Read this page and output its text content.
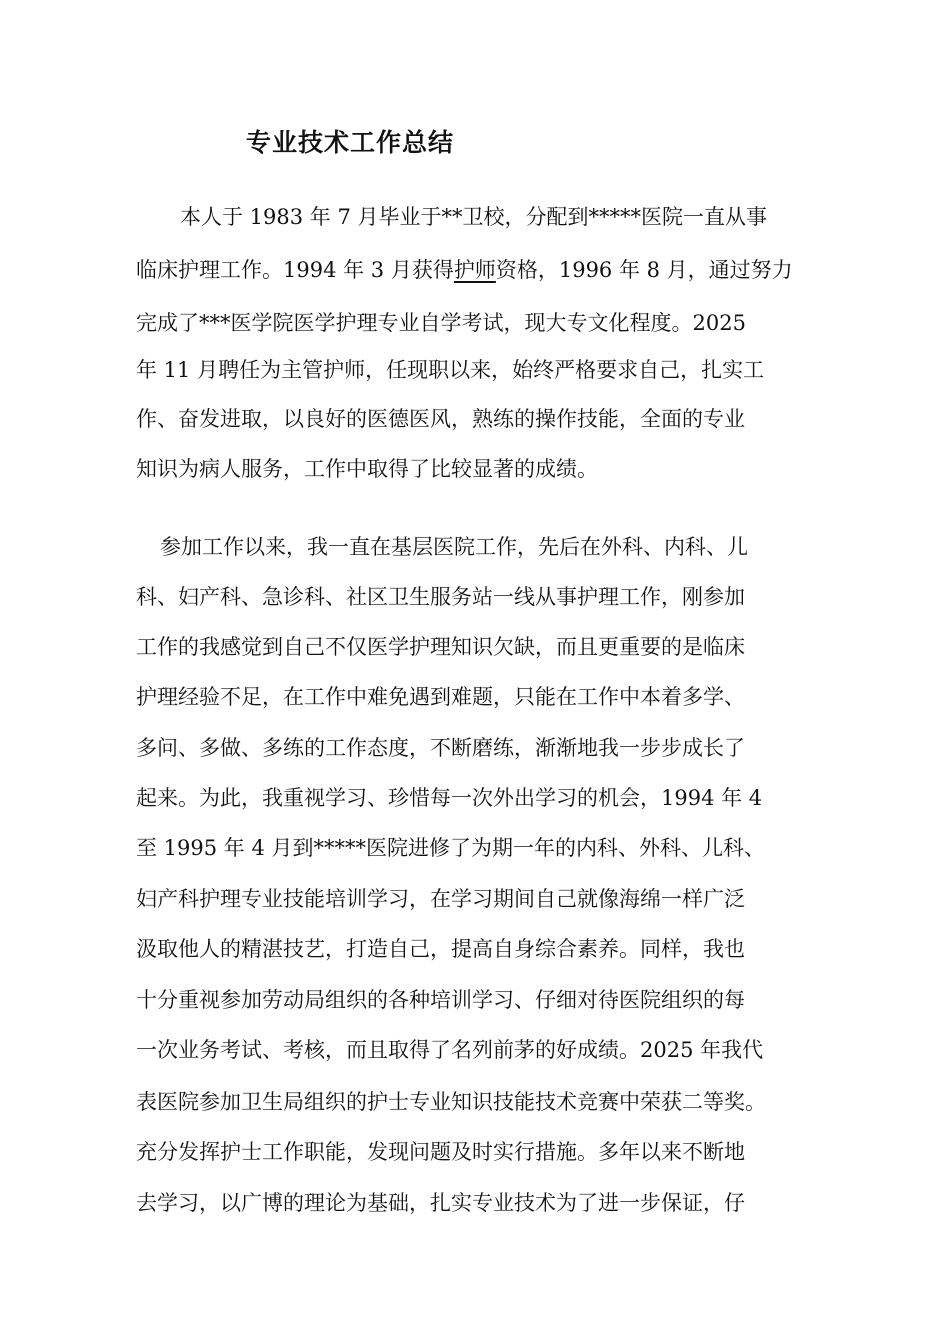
专业技术工作总结
本人于 1983 年 7 月毕业于**卫校，分配到*****医院一直从事
临床护理工作。1994 年 3 月获得护师资格，1996 年 8 月，通过努力
完成了***医学院医学护理专业自学考试，现大专文化程度。2025
年 11 月聘任为主管护师，任现职以来，始终严格要求自己，扎实工
作、奋发进取，以良好的医德医风，熟练的操作技能，全面的专业
知识为病人服务，工作中取得了比较显著的成绩。
参加工作以来，我一直在基层医院工作，先后在外科、内科、儿
科、妇产科、急诊科、社区卫生服务站一线从事护理工作，刚参加
工作的我感觉到自己不仅医学护理知识欠缺，而且更重要的是临床
护理经验不足，在工作中难免遇到难题，只能在工作中本着多学、
多问、多做、多练的工作态度，不断磨练，渐渐地我一步步成长了
起来。为此，我重视学习、珍惜每一次外出学习的机会，1994 年 4
至 1995 年 4 月到*****医院进修了为期一年的内科、外科、儿科、
妇产科护理专业技能培训学习，在学习期间自己就像海绵一样广泛
汲取他人的精湛技艺，打造自己，提高自身综合素养。同样，我也
十分重视参加劳动局组织的各种培训学习、仔细对待医院组织的每
一次业务考试、考核，而且取得了名列前茅的好成绩。2025 年我代
表医院参加卫生局组织的护士专业知识技能技术竞赛中荣获二等奖。
充分发挥护士工作职能，发现问题及时实行措施。多年以来不断地
去学习，以广博的理论为基础，扎实专业技术为了进一步保证，仔
